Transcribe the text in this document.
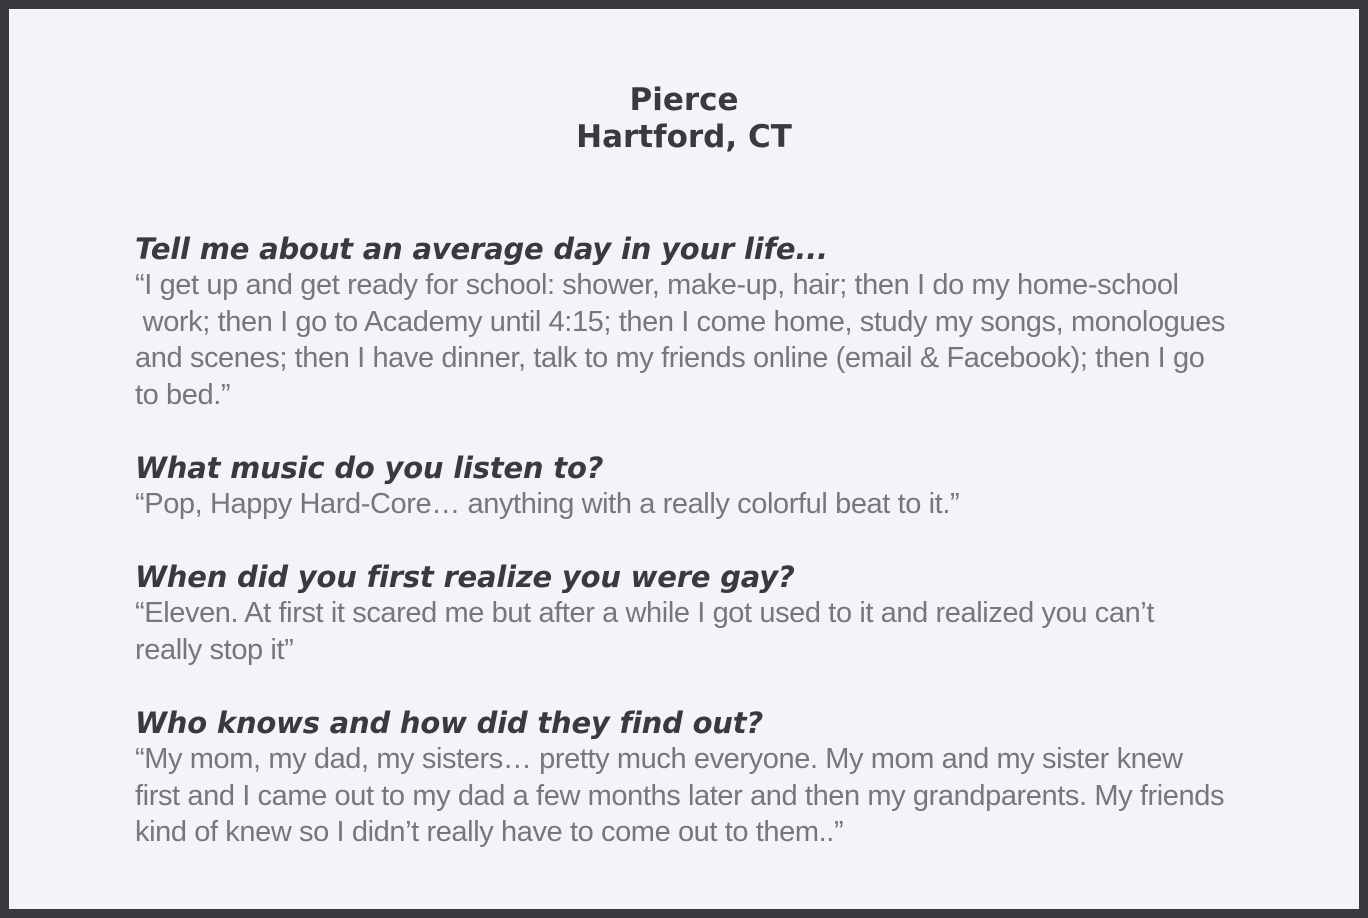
Pierce
Hartford, CT
Tell me about an average day in your life...
“I get up and get ready for school: shower, make-up, hair; then I do my home-school
work; then I go to Academy until 4:15; then I come home, study my songs, monologues
and scenes; then I have dinner, talk to my friends online (email & Facebook); then I go
to bed.”
What music do you listen to?
“Pop, Happy Hard-Core… anything with a really colorful beat to it.”
When did you first realize you were gay?
“Eleven. At first it scared me but after a while I got used to it and realized you can’t
really stop it”
Who knows and how did they find out?
“My mom, my dad, my sisters… pretty much everyone. My mom and my sister knew
first and I came out to my dad a few months later and then my grandparents. My friends
kind of knew so I didn’t really have to come out to them..”
